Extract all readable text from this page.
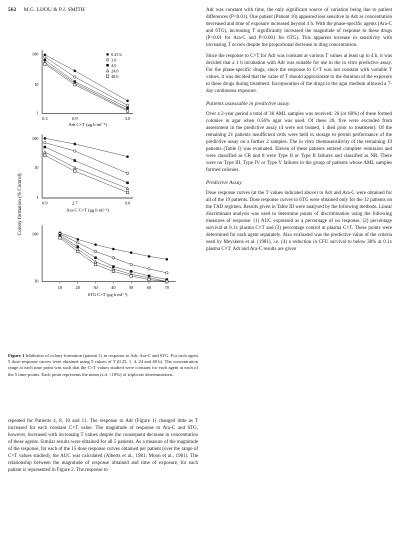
562 M.G. LIJOU & P.J. SMITH
Colony formation (% Control)
100
10
1
0.3	0.9	3.0
Adr C×T (μg h ml⁻¹)
0.25 h
1.0
4.0
24.0
48.0
100
10
1
0.9	2.7	9.0
Ara-C C×T (μg h ml⁻¹)
100
10
10	20	30	40	50	60	70
6TG C×T (μg h ml⁻¹)
Figure 1 Inhibition of colony formation (patient 1) in response to Adr, Ara-C and 6TG. For each agent 5 dose-response curves were obtained using 5 values of T (0.25, 1, 4, 24 and 48 h). The concentration range at each time point was such that the C×T values studied were constant for each agent at each of the 5 time-points. Each point represents the mean (s.d. <10%) of triplicate determinations.
repeated for Patients 4, 8, 10 and 11. The response to Adr (Figure 1) changed little as T increased for each constant C×T value. The magnitude of response to Ara-C and 6TG, however, increased with increasing T values despite the consequent decrease in concentration of these agents. Similar results were obtained for all 5 patients. As a measure of the magnitude of the response, for each of the 15 dose response curves obtained per patient (over the range of C×T values studied), the AUC was calculated (Alberts et al., 1981; Moon et al., 1981). The relationship between the magnitude of response obtained and time of exposure, for each patient is represented in Figure 2. The response to

Adr was constant with time, the only significant source of variation being due to patient differences (P<0.01). One patient (Patient 10) appeared less sensitive to Adr as concentration decreased and time of exposure increased beyond 4 h. With the phase-specific agents (Ara-C and 6TG), increasing T significantly increased the magnitude of response to these drugs (P<0.01 for Ara-C and P<0.001 for 6TG). This apparent increase in sensitivity with increasing T occurs despite the proportional decrease in drug concentration.

Since the response to C×T for Adr was constant at various T values at least up to 4 h, it was decided that a 1 h incubation with Adr was suitable for use in the in vitro predictive assay. For the phase-specific drugs, since the response to C×T was not constant with variable T values, it was decided that the value of T should approximate to the duration of the exposure to these drugs during treatment. Incorporation of the drugs in the agar medium allowed a 7-day continuous exposure.

Patients assessable in predictive assay

Over a 2-year period a total of 38 AML samples was received: 26 (or 68%) of these formed colonies in agar when 0.56% agar was used. Of these 26, five were excluded from assessment in the predictive assay (4 were not treated, 1 died prior to treatment). Of the remaining 21 patients insufficient cells were held in storage to permit performance of the predictive assay on a further 2 samples. The in vitro chemosensitivity of the remaining 19 patients (Table I) was evaluated. Eleven of these patients entered complete remission and were classified as CR and 8 were Type II or Type II failures and classified as NR. There were no Type III, Type IV or Type V failures in the group of patients whose AML samples formed colonies.

Predictive Assay

Dose response curves (at the T values indicated above) to Adr and Ara-C were obtained for all of the 19 patients. Dose response curves to 6TG were obtained only for the 12 patients on the TAD regimen. Results given in Table III were analysed by the following methods. Linear discriminant analysis was used to determine points of discrimination using the following measures of response: (1) AUC expressed as a percentage of no response, (2) percentage survival at 0.1x plasma C×T and (3) percentage control at plasma C×T. These points were determined for each agent separately. Also evaluated was the predictive value of the criteria used by Meyskens et al. (1981), i.e. (4) a reduction in CFU survival to below 38% at 0.1x plasma C×T. Adr and Ara-C results are given
